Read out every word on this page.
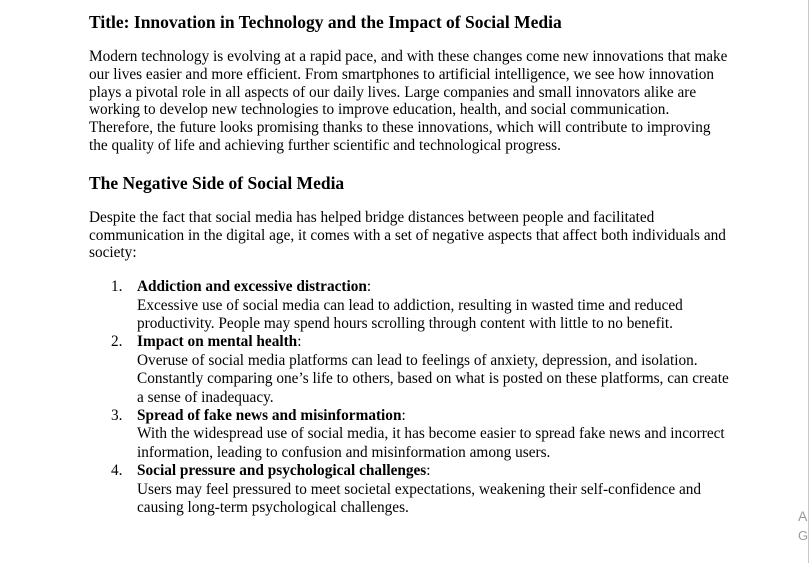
Title: Innovation in Technology and the Impact of Social Media

Modern technology is evolving at a rapid pace, and with these changes come new innovations that make our lives easier and more efficient. From smartphones to artificial intelligence, we see how innovation plays a pivotal role in all aspects of our daily lives. Large companies and small innovators alike are working to develop new technologies to improve education, health, and social communication. Therefore, the future looks promising thanks to these innovations, which will contribute to improving the quality of life and achieving further scientific and technological progress.

The Negative Side of Social Media

Despite the fact that social media has helped bridge distances between people and facilitated communication in the digital age, it comes with a set of negative aspects that affect both individuals and society:

1. Addiction and excessive distraction:
Excessive use of social media can lead to addiction, resulting in wasted time and reduced productivity. People may spend hours scrolling through content with little to no benefit.
2. Impact on mental health:
Overuse of social media platforms can lead to feelings of anxiety, depression, and isolation. Constantly comparing one’s life to others, based on what is posted on these platforms, can create a sense of inadequacy.
3. Spread of fake news and misinformation:
With the widespread use of social media, it has become easier to spread fake news and incorrect information, leading to confusion and misinformation among users.
4. Social pressure and psychological challenges:
Users may feel pressured to meet societal expectations, weakening their self-confidence and causing long-term psychological challenges.	A
G
